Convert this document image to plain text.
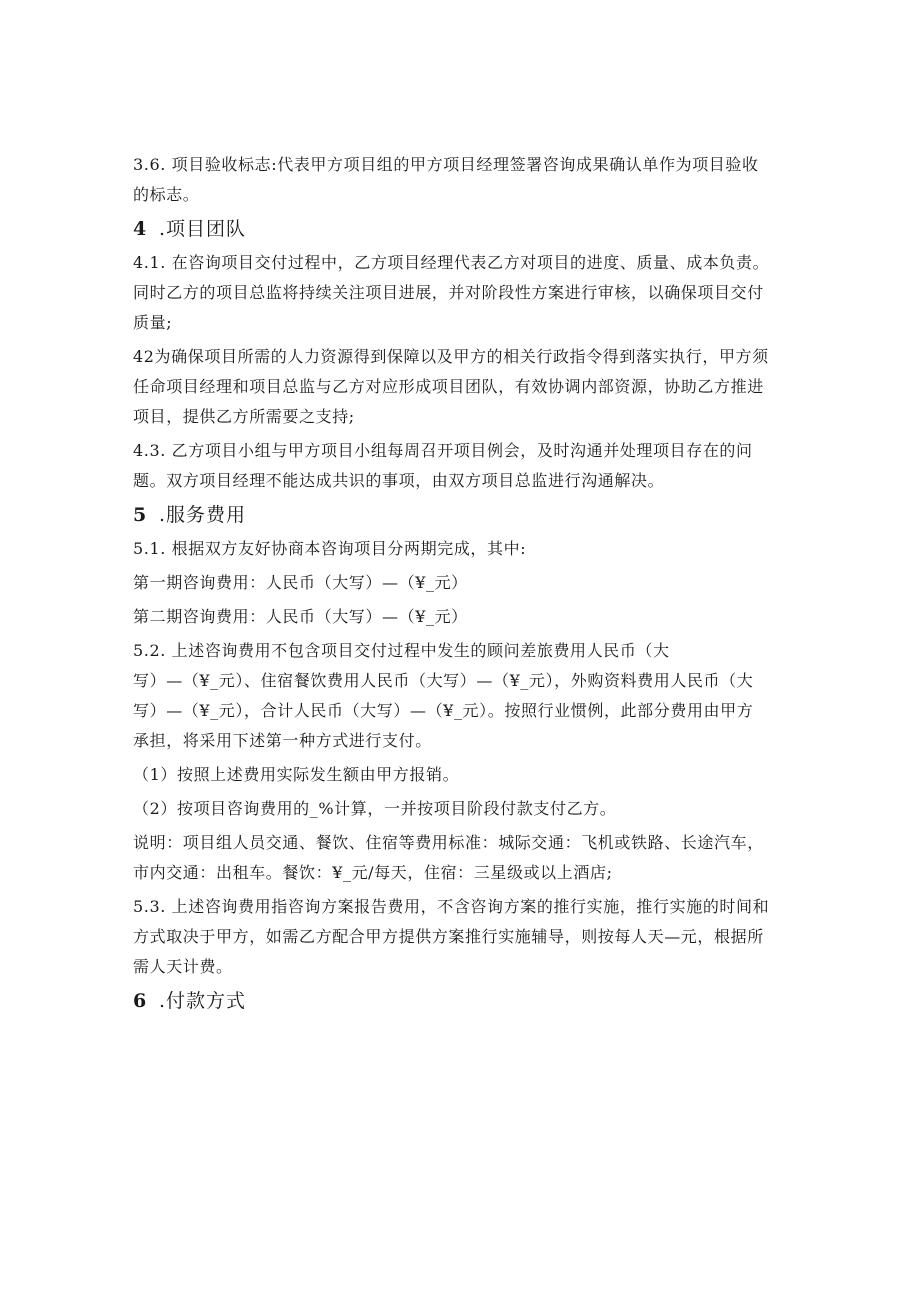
3.6. 项目验收标志:代表甲方项目组的甲方项目经理签署咨询成果确认单作为项目验收
的标志。

4 .项目团队

4.1. 在咨询项目交付过程中，乙方项目经理代表乙方对项目的进度、质量、成本负责。
同时乙方的项目总监将持续关注项目进展，并对阶段性方案进行审核，以确保项目交付
质量;

42为确保项目所需的人力资源得到保障以及甲方的相关行政指令得到落实执行，甲方须
任命项目经理和项目总监与乙方对应形成项目团队，有效协调内部资源，协助乙方推进
项目，提供乙方所需要之支持;

4.3. 乙方项目小组与甲方项目小组每周召开项目例会，及时沟通并处理项目存在的问
题。双方项目经理不能达成共识的事项，由双方项目总监进行沟通解决。

5 .服务费用

5.1. 根据双方友好协商本咨询项目分两期完成，其中:

第一期咨询费用：人民币（大写）—（¥_元）

第二期咨询费用：人民币（大写）—（¥_元）

5.2. 上述咨询费用不包含项目交付过程中发生的顾问差旅费用人民币（大
写）—（¥_元）、住宿餐饮费用人民币（大写）—（¥_元），外购资料费用人民币（大
写）—（¥_元），合计人民币（大写）—（¥_元）。按照行业惯例，此部分费用由甲方
承担，将采用下述第一种方式进行支付。

（1）按照上述费用实际发生额由甲方报销。

（2）按项目咨询费用的_%计算，一并按项目阶段付款支付乙方。

说明：项目组人员交通、餐饮、住宿等费用标准：城际交通：飞机或铁路、长途汽车，
市内交通：出租车。餐饮：¥_元/每天，住宿：三星级或以上酒店;

5.3. 上述咨询费用指咨询方案报告费用，不含咨询方案的推行实施，推行实施的时间和
方式取决于甲方，如需乙方配合甲方提供方案推行实施辅导，则按每人天—元，根据所
需人天计费。

6 .付款方式
